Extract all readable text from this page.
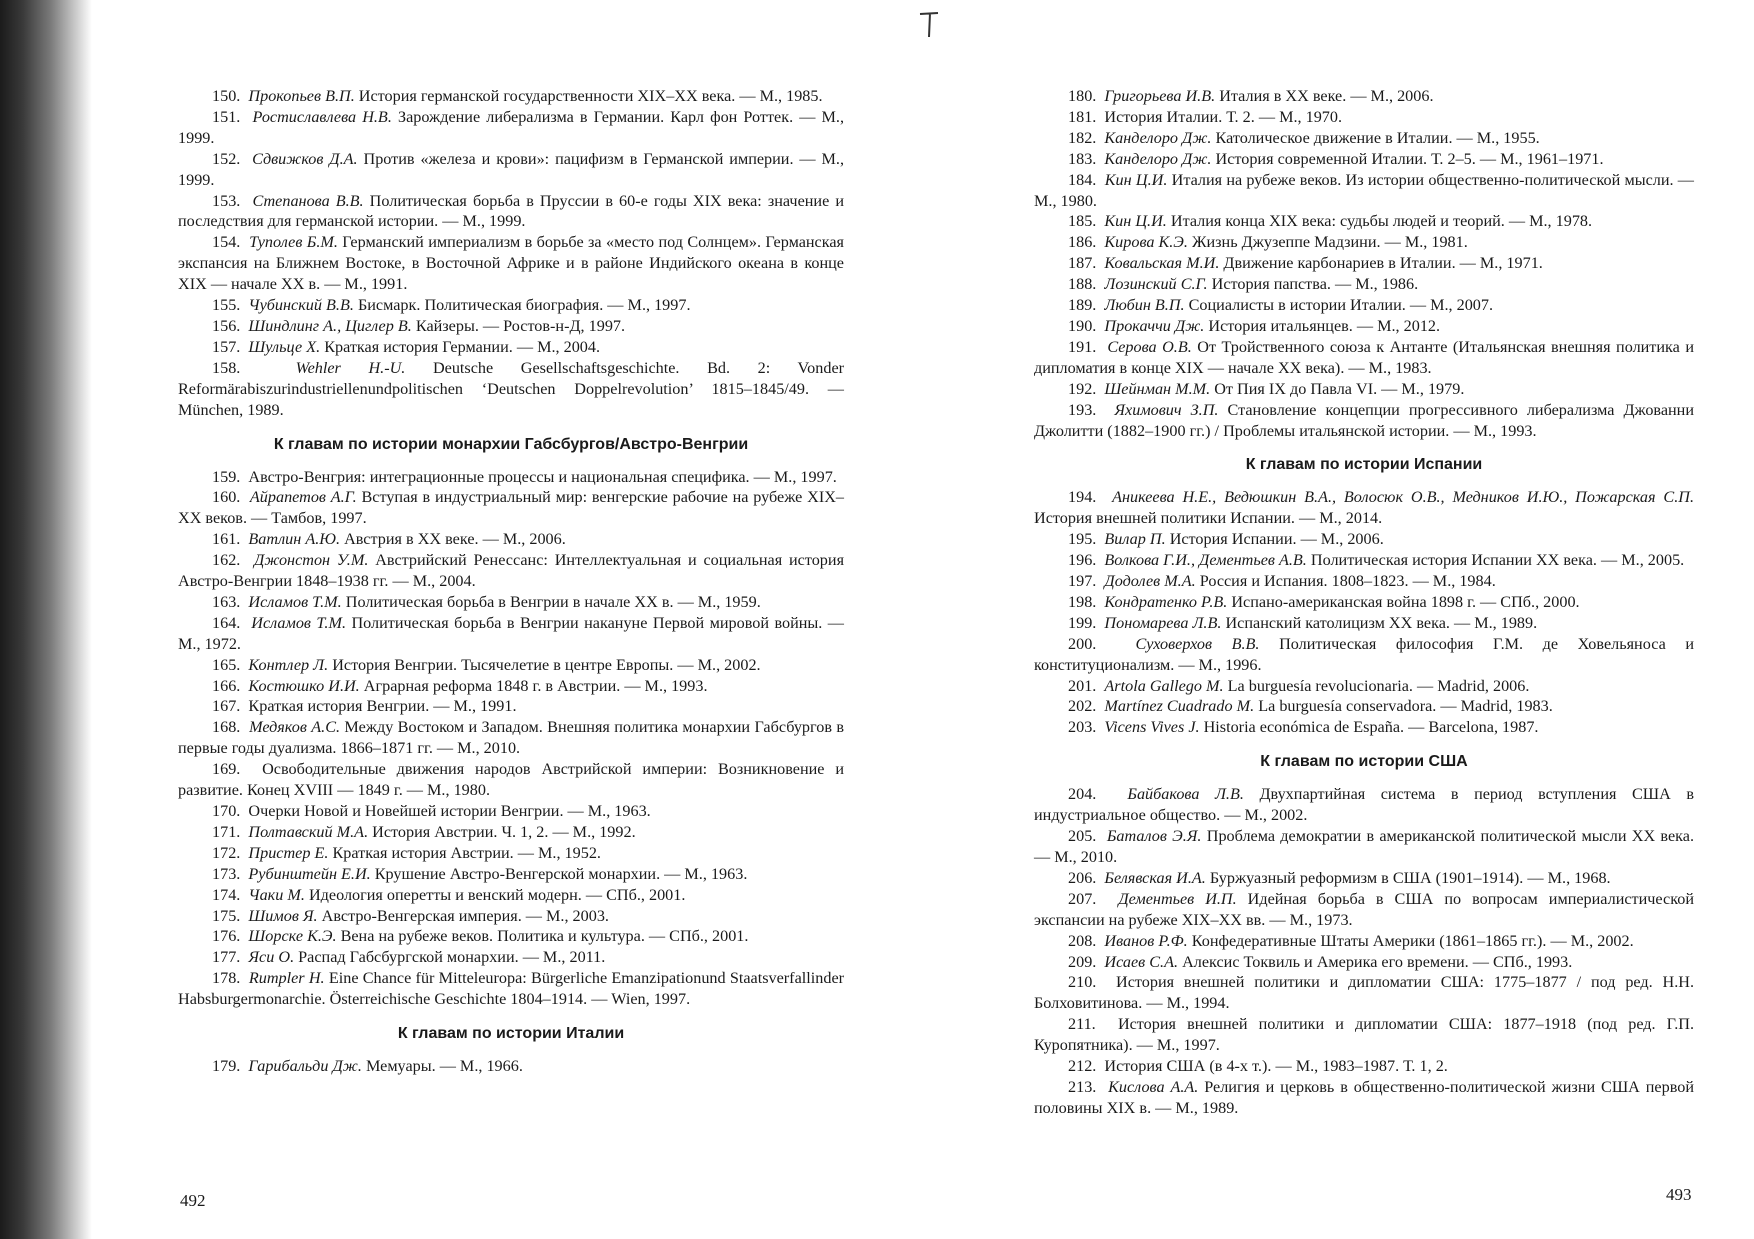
150. Прокопьев В.П. История германской государственности XIX–XX века. — М., 1985.

151. Ростиславлева Н.В. Зарождение либерализма в Германии. Карл фон Роттек. — М., 1999.

152. Сдвижков Д.А. Против «железа и крови»: пацифизм в Германской империи. — М., 1999.

153. Степанова В.В. Политическая борьба в Пруссии в 60-е годы XIX века: значение и последствия для германской истории. — М., 1999.

154. Туполев Б.М. Германский империализм в борьбе за «место под Солнцем». Германская экспансия на Ближнем Востоке, в Восточной Африке и в районе Индийского океана в конце XIX — начале XX в. — М., 1991.

155. Чубинский В.В. Бисмарк. Политическая биография. — М., 1997.

156. Шиндлинг А., Циглер В. Кайзеры. — Ростов-н-Д, 1997.

157. Шульце Х. Краткая история Германии. — М., 2004.

158.	Wehler H.-U. Deutsche Gesellschaftsgeschichte. Bd. 2: Vonder Reformärabiszurindustriellenundpolitischen ‘Deutschen Doppelrevolution’ 1815–1845/49. — München, 1989.

К главам по истории монархии Габсбургов/Австро-Венгрии

159. Австро-Венгрия: интеграционные процессы и национальная специфика. — М., 1997.

160. Айрапетов А.Г. Вступая в индустриальный мир: венгерские рабочие на рубеже XIX–XX веков. — Тамбов, 1997.

161. Ватлин А.Ю. Австрия в XX веке. — М., 2006.

162. Джонстон У.М. Австрийский Ренессанс: Интеллектуальная и социальная история Австро-Венгрии 1848–1938 гг. — М., 2004.

163. Исламов Т.М. Политическая борьба в Венгрии в начале XX в. — М., 1959.

164. Исламов Т.М. Политическая борьба в Венгрии накануне Первой мировой войны. — М., 1972.

165. Контлер Л. История Венгрии. Тысячелетие в центре Европы. — М., 2002.

166. Костюшко И.И. Аграрная реформа 1848 г. в Австрии. — М., 1993.

167. Краткая история Венгрии. — М., 1991.

168. Медяков А.С. Между Востоком и Западом. Внешняя политика монархии Габсбургов в первые годы дуализма. 1866–1871 гг. — М., 2010.

169. Освободительные движения народов Австрийской империи: Возникновение и развитие. Конец XVIII — 1849 г. — М., 1980.

170. Очерки Новой и Новейшей истории Венгрии. — М., 1963.

171. Полтавский М.А. История Австрии. Ч. 1, 2. — М., 1992.

172. Пристер Е. Краткая история Австрии. — М., 1952.

173. Рубинштейн Е.И. Крушение Австро-Венгерской монархии. — М., 1963.

174. Чаки М. Идеология оперетты и венский модерн. — СПб., 2001.

175. Шимов Я. Австро-Венгерская империя. — М., 2003.

176. Шорске К.Э. Вена на рубеже веков. Политика и культура. — СПб., 2001.

177. Яси О. Распад Габсбургской монархии. — М., 2011.

178. Rumpler H. Eine Chance für Mitteleuropa: Bürgerliche Emanzipationund Staatsverfallinder Habsburgermonarchie. Österreichische Geschichte 1804–1914. — Wien, 1997.

К главам по истории Италии

179. Гарибальди Дж. Мемуары. — М., 1966.

180. Григорьева И.В. Италия в XX веке. — М., 2006.

181. История Италии. Т. 2. — М., 1970.

182. Канделоро Дж. Католическое движение в Италии. — М., 1955.

183. Канделоро Дж. История современной Италии. Т. 2–5. — М., 1961–1971.

184. Кин Ц.И. Италия на рубеже веков. Из истории общественно-политической мысли. — М., 1980.

185. Кин Ц.И. Италия конца XIX века: судьбы людей и теорий. — М., 1978.

186. Кирова К.Э. Жизнь Джузеппе Мадзини. — М., 1981.

187. Ковальская М.И. Движение карбонариев в Италии. — М., 1971.

188. Лозинский С.Г. История папства. — М., 1986.

189. Любин В.П. Социалисты в истории Италии. — М., 2007.

190. Прокаччи Дж. История итальянцев. — М., 2012.

191. Серова О.В. От Тройственного союза к Антанте (Итальянская внешняя политика и дипломатия в конце XIX — начале XX века). — М., 1983.

192. Шейнман М.М. От Пия IX до Павла VI. — М., 1979.

193. Яхимович З.П. Становление концепции прогрессивного либерализма Джованни Джолитти (1882–1900 гг.) / Проблемы итальянской истории. — М., 1993.

К главам по истории Испании

194. Аникеева Н.Е., Ведюшкин В.А., Волосюк О.В., Медников И.Ю., Пожарская С.П. История внешней политики Испании. — М., 2014.

195. Вилар П. История Испании. — М., 2006.

196. Волкова Г.И., Дементьев А.В. Политическая история Испании XX века. — М., 2005.

197. Додолев М.А. Россия и Испания. 1808–1823. — М., 1984.

198. Кондратенко Р.В. Испано-американская война 1898 г. — СПб., 2000.

199. Пономарева Л.В. Испанский католицизм XX века. — М., 1989.

200. Суховерхов В.В. Политическая философия Г.М. де Ховельяноса и конституционализм. — М., 1996.

201. Artola Gallego M. La burguesía revolucionaria. — Madrid, 2006.

202. Martínez Cuadrado M. La burguesía conservadora. — Madrid, 1983.

203. Vicens Vives J. Historia económica de España. — Barcelona, 1987.

К главам по истории США

204. Байбакова Л.В. Двухпартийная система в период вступления США в индустриальное общество. — М., 2002.

205. Баталов Э.Я. Проблема демократии в американской политической мысли XX века. — М., 2010.

206. Белявская И.А. Буржуазный реформизм в США (1901–1914). — М., 1968.

207. Дементьев И.П. Идейная борьба в США по вопросам империалистической экспансии на рубеже XIX–XX вв. — М., 1973.

208. Иванов Р.Ф. Конфедеративные Штаты Америки (1861–1865 гг.). — М., 2002.

209. Исаев С.А. Алексис Токвиль и Америка его времени. — СПб., 1993.

210. История внешней политики и дипломатии США: 1775–1877 / под ред. Н.Н. Болховитинова. — М., 1994.

211. История внешней политики и дипломатии США: 1877–1918 (под ред. Г.П. Куропятника). — М., 1997.

212. История США (в 4-х т.). — М., 1983–1987. Т. 1, 2.

213. Кислова А.А. Религия и церковь в общественно-политической жизни США первой половины XIX в. — М., 1989.

492	493
